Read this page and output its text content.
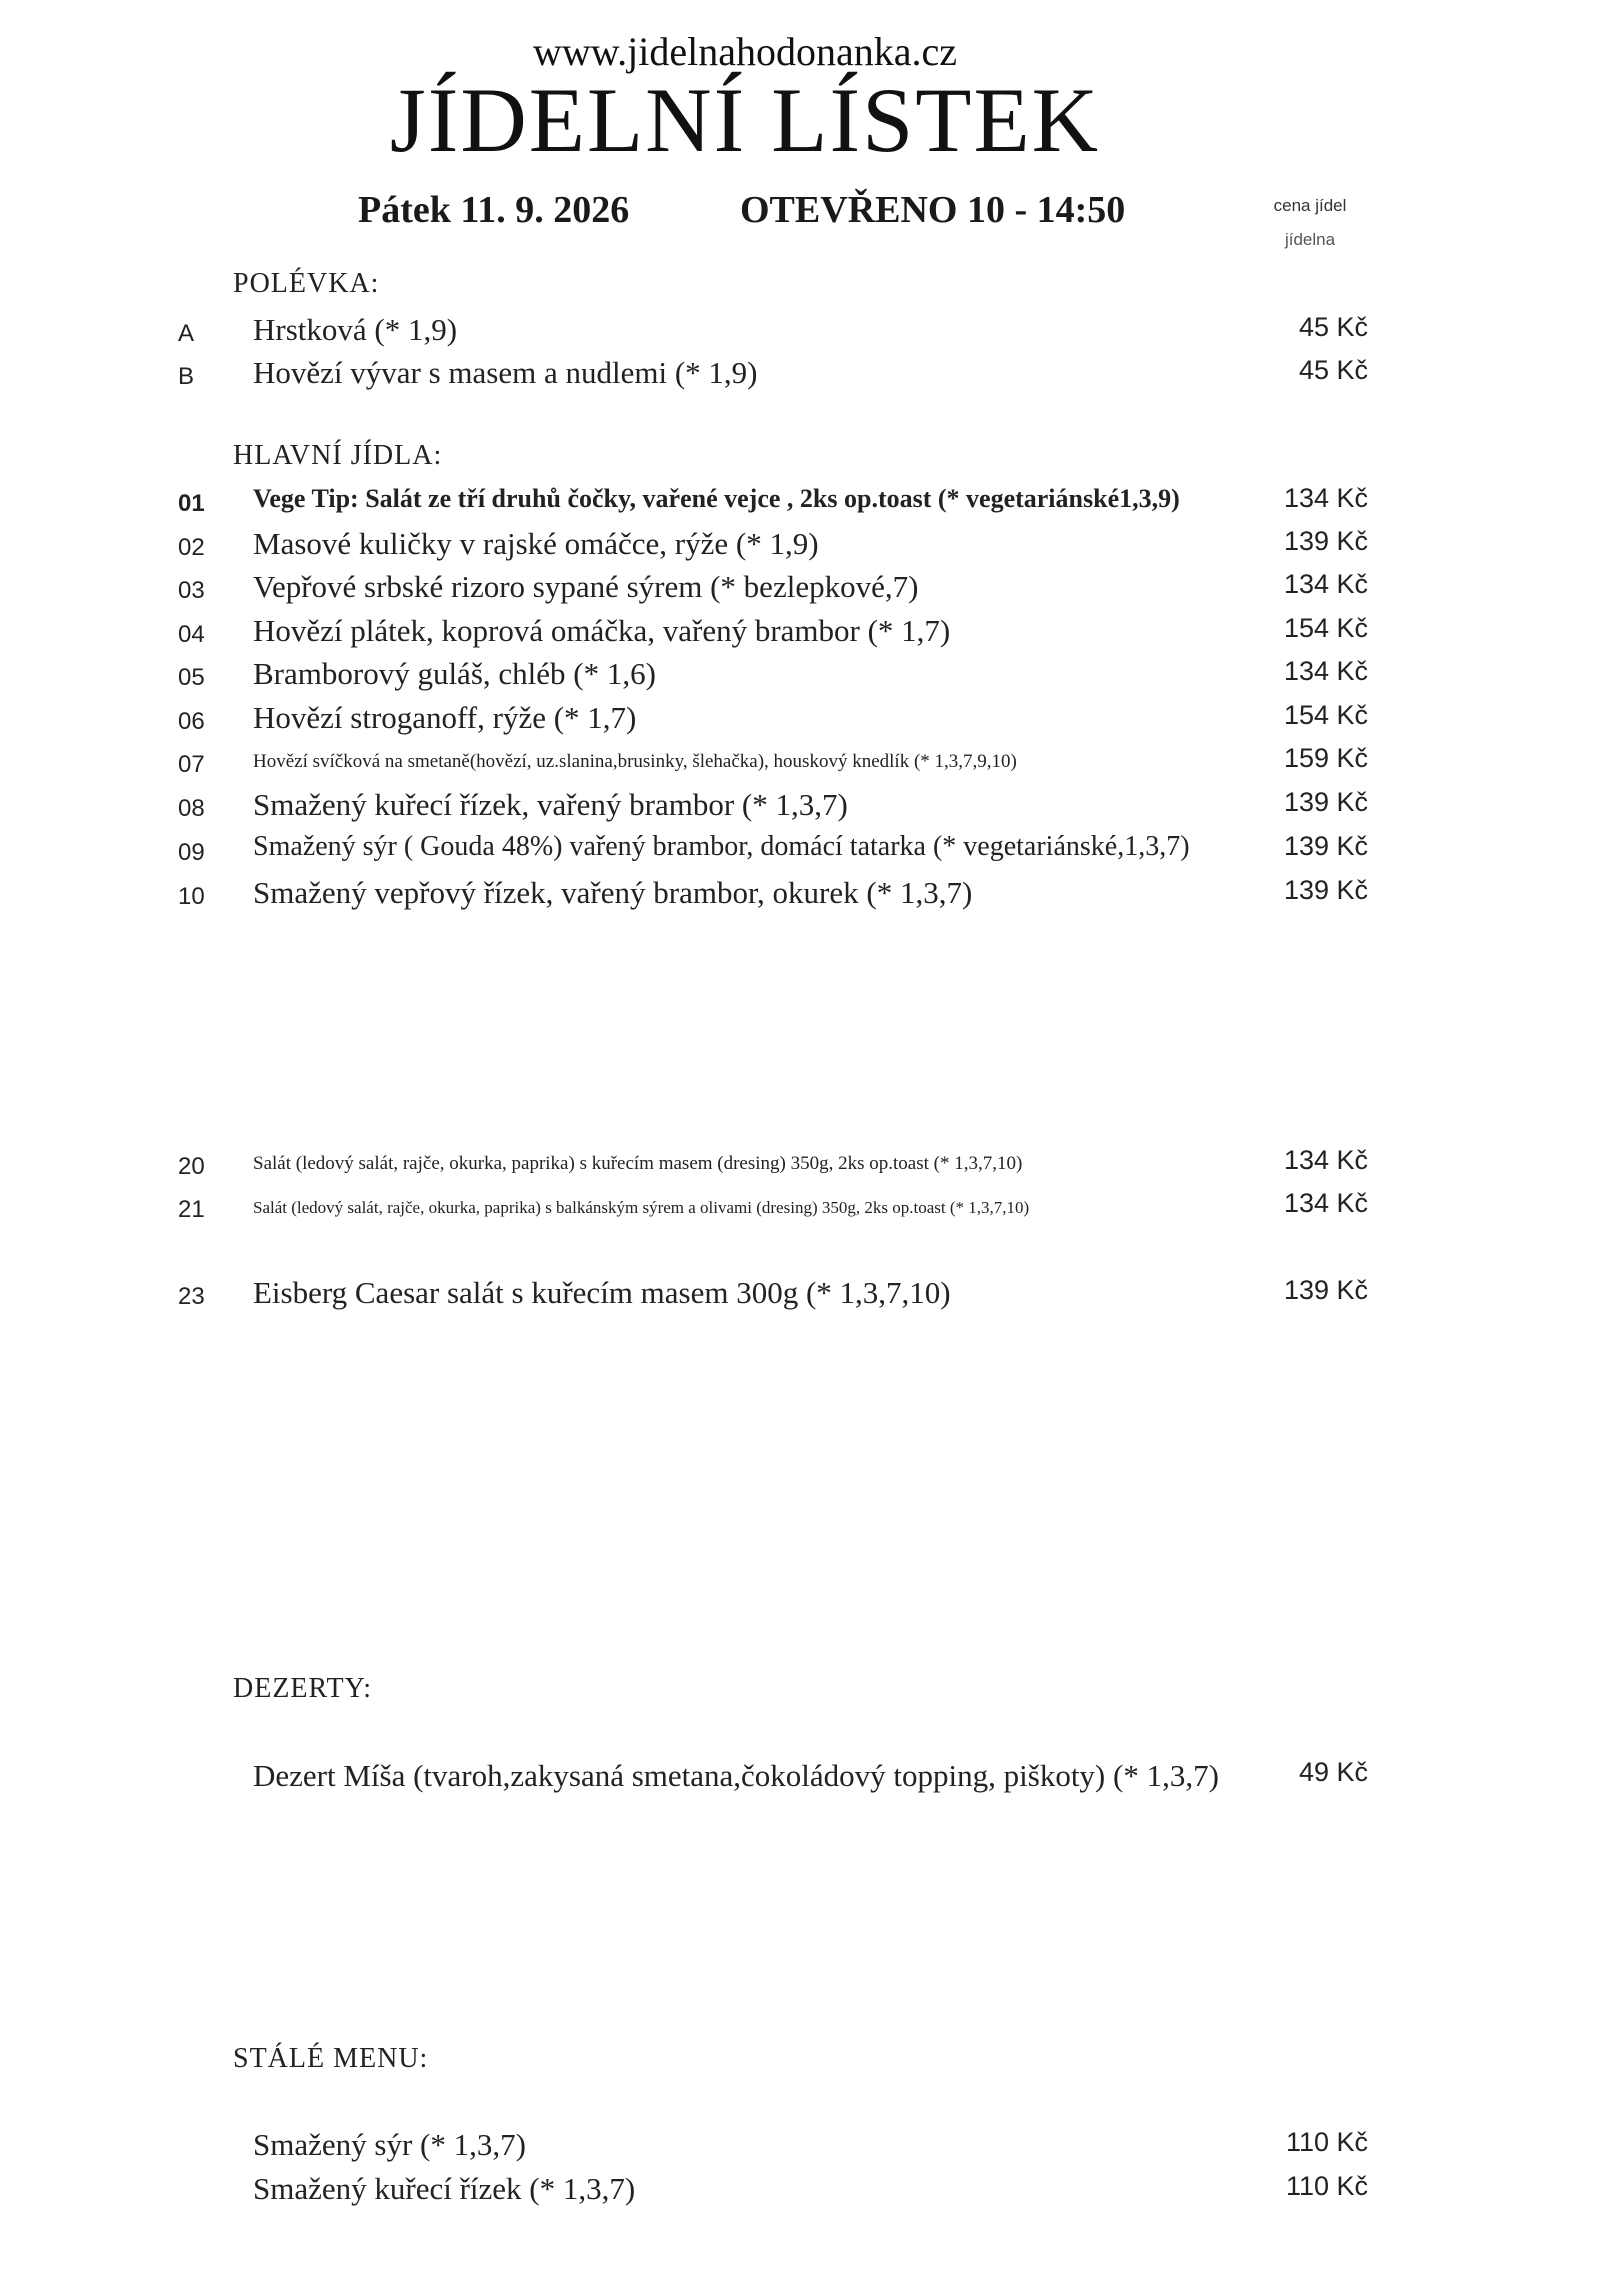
www.jidelnahodonanka.cz
JÍDELNÍ LÍSTEK
Pátek 11. 9. 2026	OTEVŘENO 10 - 14:50	cena jídel
jídelna
POLÉVKA:
A	Hrstková (* 1,9)	45 Kč
B	Hovězí vývar s masem a nudlemi (* 1,9)	45 Kč
HLAVNÍ JÍDLA:
01	Vege Tip: Salát ze tří druhů čočky, vařené vejce , 2ks op.toast (* vegetariánské1,3,9)	134 Kč
02	Masové kuličky v rajské omáčce, rýže (* 1,9)	139 Kč
03	Vepřové srbské rizoro sypané sýrem (* bezlepkové,7)	134 Kč
04	Hovězí plátek, koprová omáčka, vařený brambor (* 1,7)	154 Kč
05	Bramborový guláš, chléb (* 1,6)	134 Kč
06	Hovězí stroganoff, rýže (* 1,7)	154 Kč
07	Hovězí svíčková na smetaně(hovězí, uz.slanina,brusinky, šlehačka), houskový knedlík (* 1,3,7,9,10)	159 Kč
08	Smažený kuřecí řízek, vařený brambor (* 1,3,7)	139 Kč
09	Smažený sýr ( Gouda 48%) vařený brambor, domácí tatarka (* vegetariánské,1,3,7)	139 Kč
10	Smažený vepřový řízek, vařený brambor, okurek (* 1,3,7)	139 Kč
20	Salát (ledový salát, rajče, okurka, paprika) s kuřecím masem (dresing) 350g, 2ks op.toast (* 1,3,7,10)	134 Kč
21	Salát (ledový salát, rajče, okurka, paprika) s balkánským sýrem a olivami (dresing) 350g, 2ks op.toast (* 1,3,7,10)	134 Kč
23	Eisberg Caesar salát s kuřecím masem 300g (* 1,3,7,10)	139 Kč
DEZERTY:
Dezert Míša (tvaroh,zakysaná smetana,čokoládový topping, piškoty) (* 1,3,7)	49 Kč
STÁLÉ MENU:
Smažený sýr (* 1,3,7)	110 Kč
Smažený kuřecí řízek (* 1,3,7)	110 Kč
